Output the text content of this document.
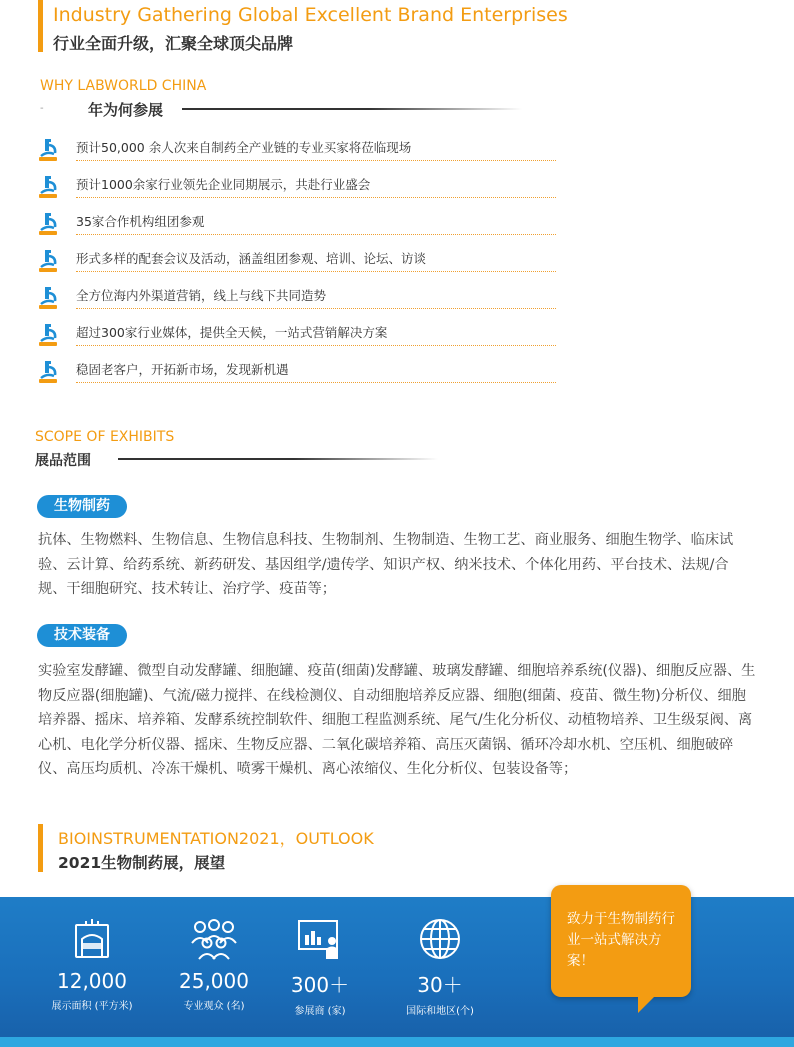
Industry Gathering Global Excellent Brand Enterprises
行业全面升级，汇聚全球顶尖品牌
WHY LABWORLD CHINA
-	年为何参展
预计50,000 余人次来自制药全产业链的专业买家将莅临现场
预计1000余家行业领先企业同期展示，共赴行业盛会
35家合作机构组团参观
形式多样的配套会议及活动，涵盖组团参观、培训、论坛、访谈
全方位海内外渠道营销，线上与线下共同造势
超过300家行业媒体，提供全天候，一站式营销解决方案
稳固老客户，开拓新市场，发现新机遇
SCOPE OF EXHIBITS
展品范围
生物制药
抗体、生物燃料、生物信息、生物信息科技、生物制剂、生物制造、生物工艺、商业服务、细胞生物学、临床试验、云计算、给药系统、新药研发、基因组学/遗传学、知识产权、纳米技术、个体化用药、平台技术、法规/合规、干细胞研究、技术转让、治疗学、疫苗等；
技术装备
实验室发酵罐、微型自动发酵罐、细胞罐、疫苗(细菌)发酵罐、玻璃发酵罐、细胞培养系统(仪器)、细胞反应器、生物反应器(细胞罐)、气流/磁力搅拌、在线检测仪、自动细胞培养反应器、细胞(细菌、疫苗、微生物)分析仪、细胞培养器、摇床、培养箱、发酵系统控制软件、细胞工程监测系统、尾气/生化分析仪、动植物培养、卫生级泵阀、离心机、电化学分析仪器、摇床、生物反应器、二氧化碳培养箱、高压灭菌锅、循环冷却水机、空压机、细胞破碎仪、高压均质机、冷冻干燥机、喷雾干燥机、离心浓缩仪、生化分析仪、包装设备等；
BIOINSTRUMENTATION2021，OUTLOOK
2021生物制药展，展望
12,000
展示面积 (平方米)
25,000
专业观众 (名)
300＋
参展商 (家)
30＋
国际和地区(个)
致力于生物制药行业一站式解决方案！
